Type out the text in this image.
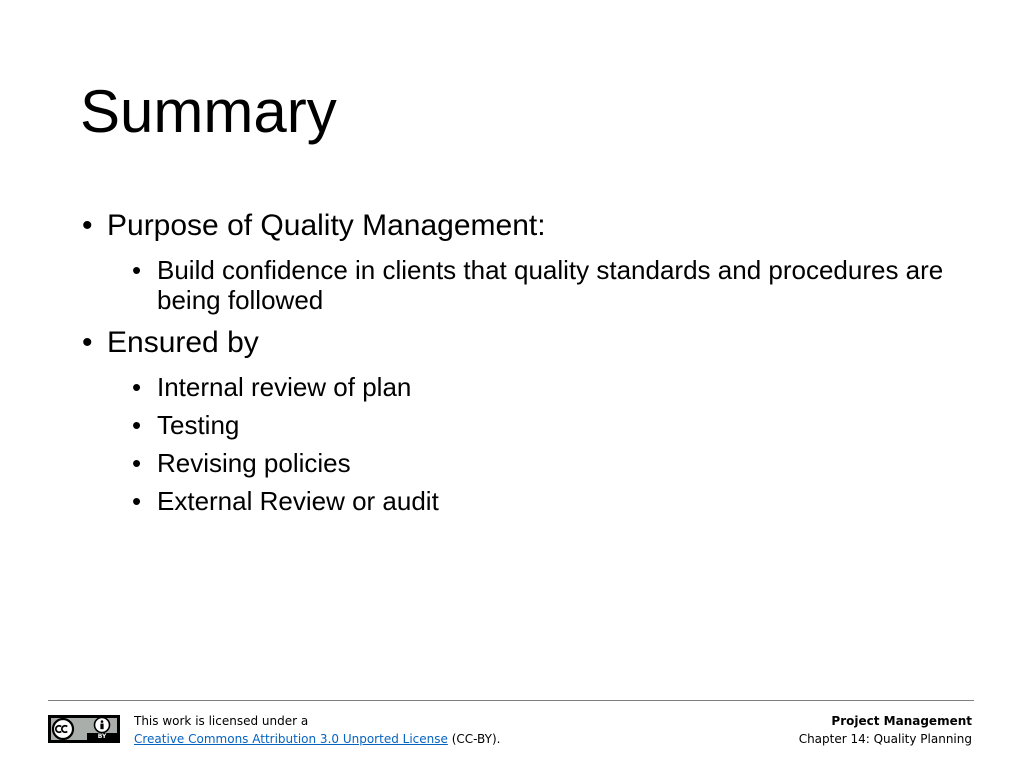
Summary
• Purpose of Quality Management:
• Build confidence in clients that quality standards and procedures are being followed
• Ensured by
• Internal review of plan
• Testing
• Revising policies
• External Review or audit
BY
This work is licensed under a
Creative Commons Attribution 3.0 Unported License (CC-BY).
Project Management
Chapter 14: Quality Planning
